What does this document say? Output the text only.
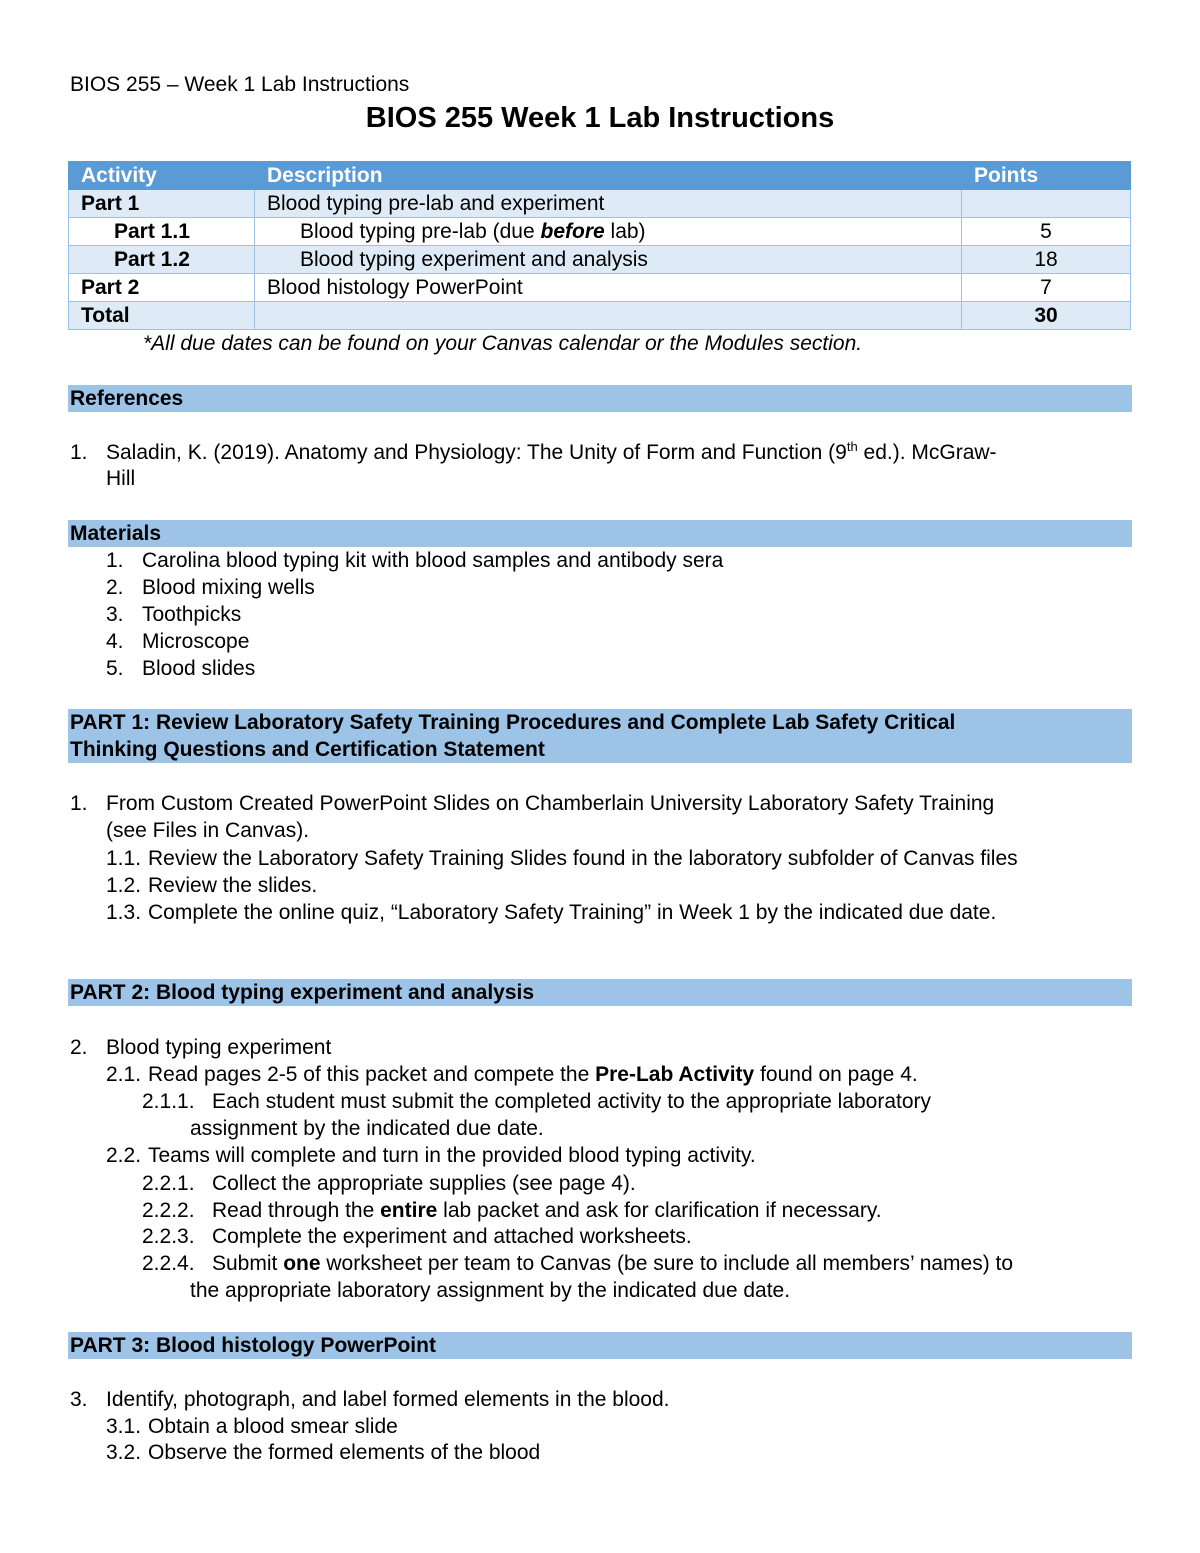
BIOS 255 – Week 1 Lab Instructions
BIOS 255 Week 1 Lab Instructions
Activity	Description	Points
Part 1	Blood typing pre-lab and experiment	
Part 1.1	Blood typing pre-lab (due before lab)	5
Part 1.2	Blood typing experiment and analysis	18
Part 2	Blood histology PowerPoint	7
Total		30
*All due dates can be found on your Canvas calendar or the Modules section.
References
1. Saladin, K. (2019). Anatomy and Physiology: The Unity of Form and Function (9th ed.). McGraw-
Hill
Materials
1. Carolina blood typing kit with blood samples and antibody sera
2. Blood mixing wells
3. Toothpicks
4. Microscope
5. Blood slides
PART 1: Review Laboratory Safety Training Procedures and Complete Lab Safety Critical
Thinking Questions and Certification Statement
1. From Custom Created PowerPoint Slides on Chamberlain University Laboratory Safety Training
(see Files in Canvas).
1.1. Review the Laboratory Safety Training Slides found in the laboratory subfolder of Canvas files
1.2. Review the slides.
1.3. Complete the online quiz, “Laboratory Safety Training” in Week 1 by the indicated due date.
PART 2: Blood typing experiment and analysis
2. Blood typing experiment
2.1. Read pages 2-5 of this packet and compete the Pre-Lab Activity found on page 4.
2.1.1. Each student must submit the completed activity to the appropriate laboratory
assignment by the indicated due date.
2.2. Teams will complete and turn in the provided blood typing activity.
2.2.1. Collect the appropriate supplies (see page 4).
2.2.2. Read through the entire lab packet and ask for clarification if necessary.
2.2.3. Complete the experiment and attached worksheets.
2.2.4. Submit one worksheet per team to Canvas (be sure to include all members’ names) to
the appropriate laboratory assignment by the indicated due date.
PART 3: Blood histology PowerPoint
3. Identify, photograph, and label formed elements in the blood.
3.1. Obtain a blood smear slide
3.2. Observe the formed elements of the blood
